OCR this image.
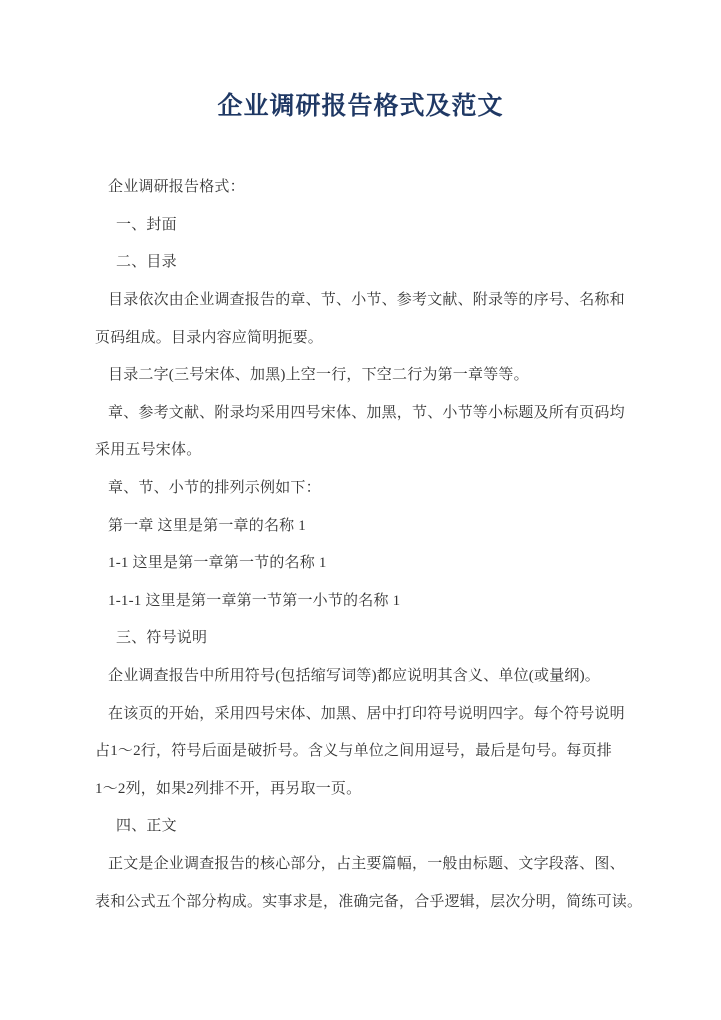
企业调研报告格式及范文
企业调研报告格式：
一、封面
二、目录
目录依次由企业调查报告的章、节、小节、参考文献、附录等的序号、名称和
页码组成。目录内容应简明扼要。
目录二字(三号宋体、加黑)上空一行，下空二行为第一章等等。
章、参考文献、附录均采用四号宋体、加黑，节、小节等小标题及所有页码均
采用五号宋体。
章、节、小节的排列示例如下：
第一章 这里是第一章的名称 1
1-1 这里是第一章第一节的名称 1
1-1-1 这里是第一章第一节第一小节的名称 1
三、符号说明
企业调查报告中所用符号(包括缩写词等)都应说明其含义、单位(或量纲)。
在该页的开始，采用四号宋体、加黑、居中打印符号说明四字。每个符号说明
占1～2行，符号后面是破折号。含义与单位之间用逗号，最后是句号。每页排
1～2列，如果2列排不开，再另取一页。
四、正文
正文是企业调查报告的核心部分，占主要篇幅，一般由标题、文字段落、图、
表和公式五个部分构成。实事求是，准确完备，合乎逻辑，层次分明，简练可读。
